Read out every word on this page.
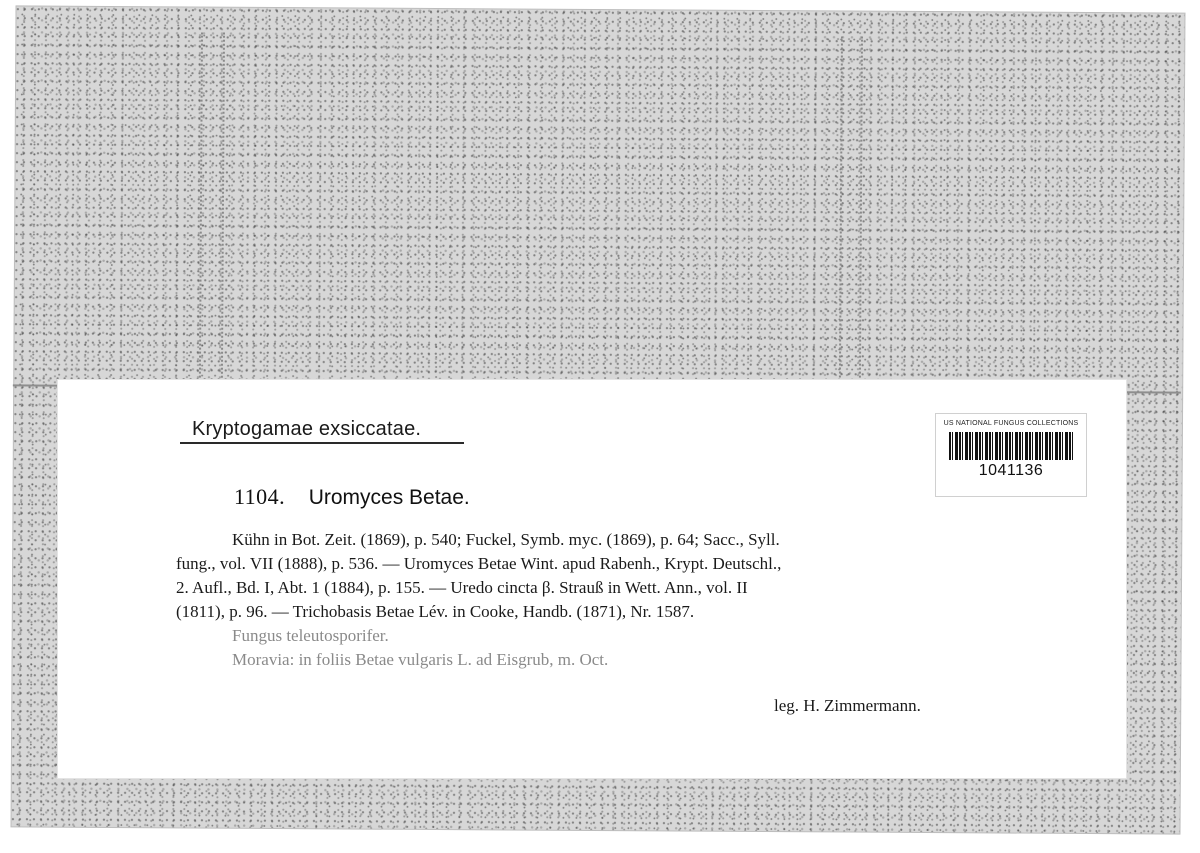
Kryptogamae exsiccatae.	US NATIONAL FUNGUS COLLECTIONS
1041136
1104. Uromyces Betae.
Kühn in Bot. Zeit. (1869), p. 540; Fuckel, Symb. myc. (1869), p. 64; Sacc., Syll.
fung., vol. VII (1888), p. 536. — Uromyces Betae Wint. apud Rabenh., Krypt. Deutschl.,
2. Aufl., Bd. I, Abt. 1 (1884), p. 155. — Uredo cincta β. Strauß in Wett. Ann., vol. II
(1811), p. 96. — Trichobasis Betae Lév. in Cooke, Handb. (1871), Nr. 1587.
Fungus teleutosporifer.
Moravia: in foliis Betae vulgaris L. ad Eisgrub, m. Oct.
leg. H. Zimmermann.
